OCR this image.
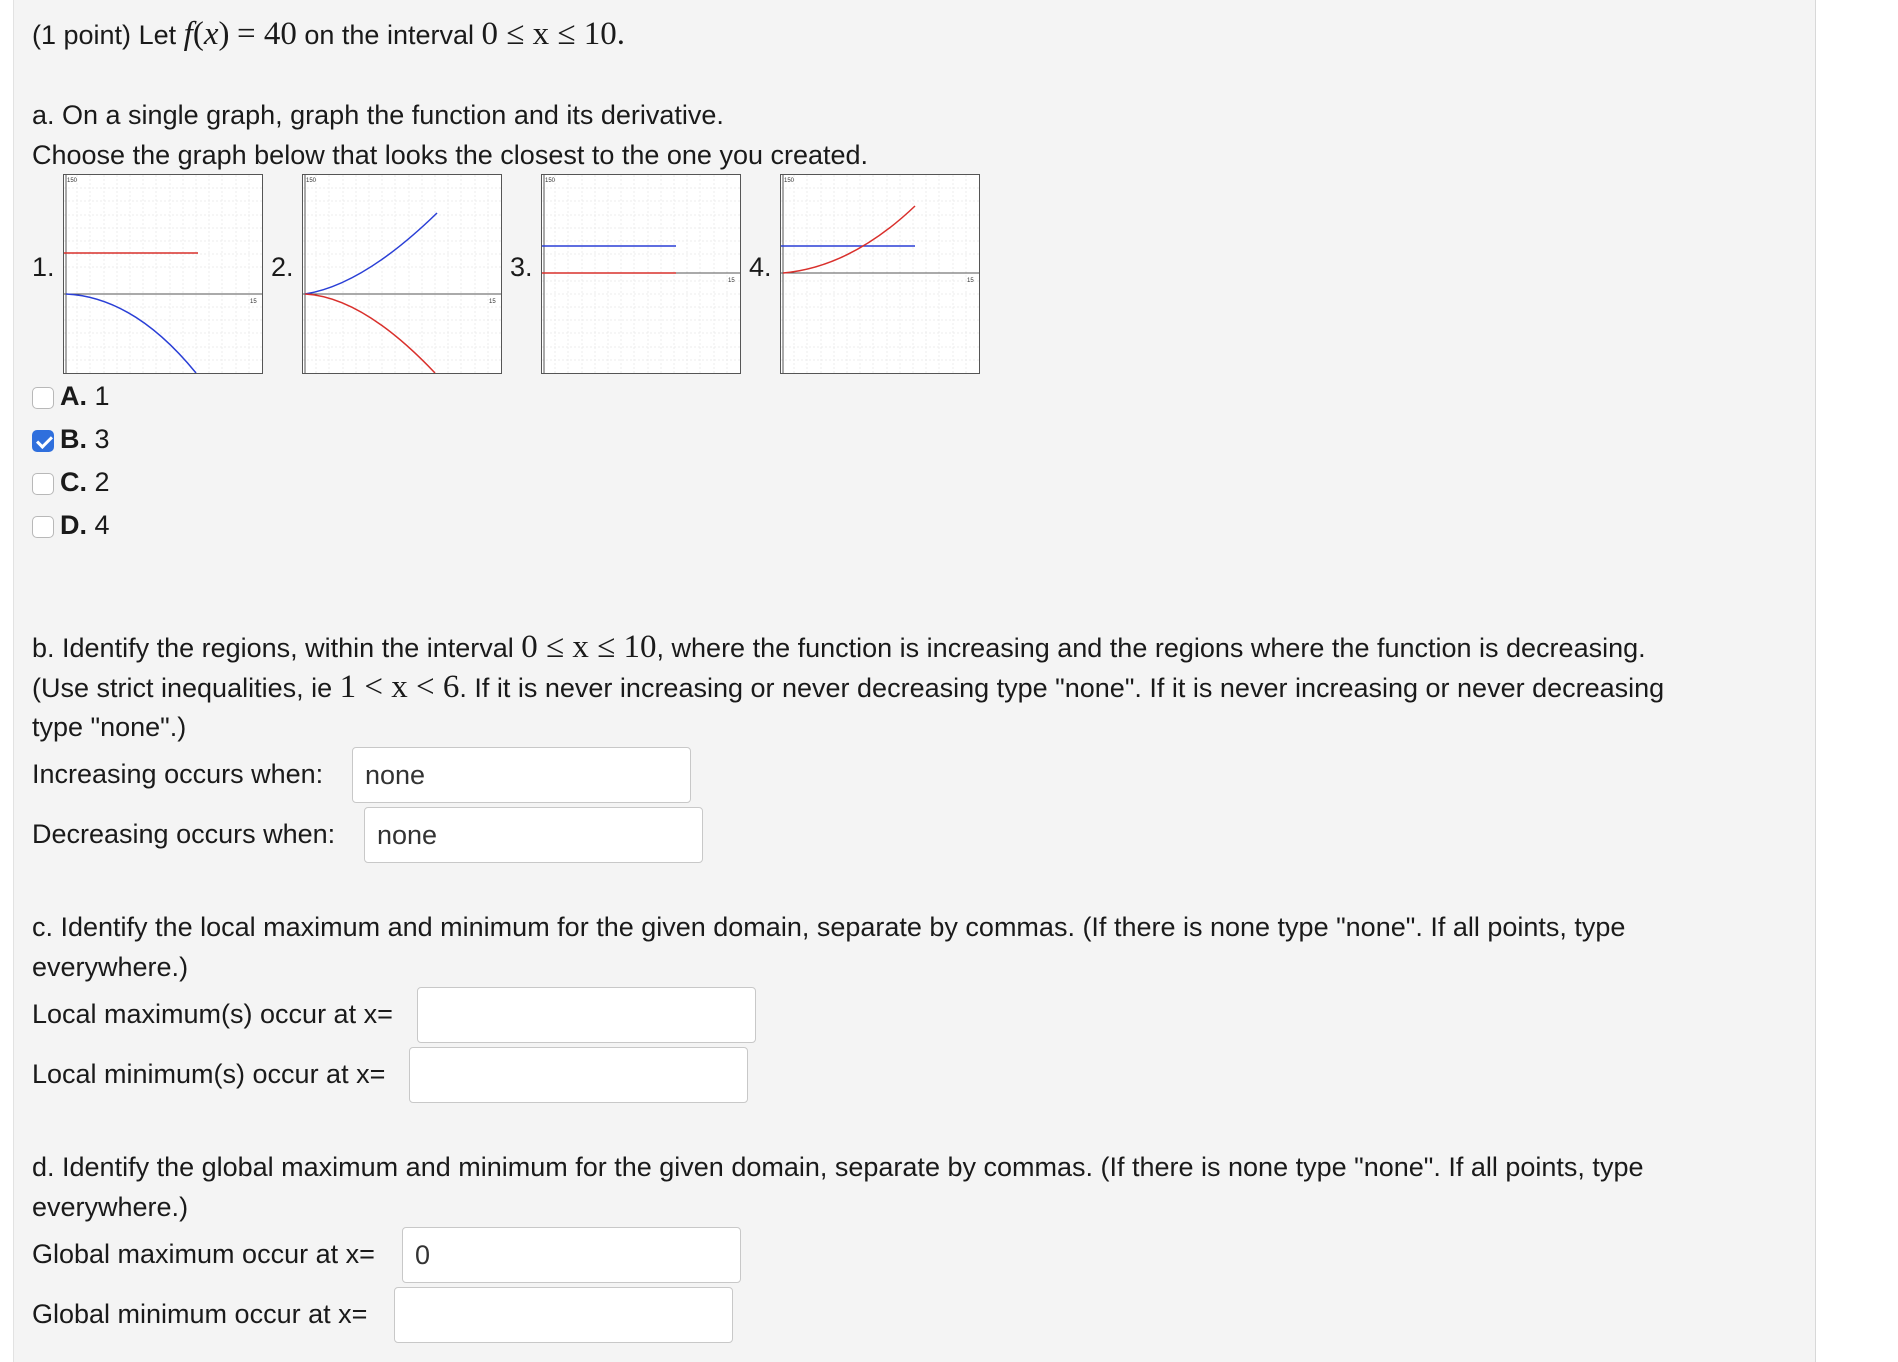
(1 point) Let f(x) = 40 on the interval 0 ≤ x ≤ 10.
a. On a single graph, graph the function and its derivative.
Choose the graph below that looks the closest to the one you created.
1.	2.	3.	4.
150
15
150
15
150
15
150
15
A. 1
B. 3
C. 2
D. 4
b. Identify the regions, within the interval 0 ≤ x ≤ 10, where the function is increasing and the regions where the function is decreasing.
(Use strict inequalities, ie 1 < x < 6. If it is never increasing or never decreasing type "none". If it is never increasing or never decreasing
type "none".)
Increasing occurs when:
none
Decreasing occurs when:
none
c. Identify the local maximum and minimum for the given domain, separate by commas. (If there is none type "none". If all points, type
everywhere.)
Local maximum(s) occur at x=
Local minimum(s) occur at x=
d. Identify the global maximum and minimum for the given domain, separate by commas. (If there is none type "none". If all points, type
everywhere.)
Global maximum occur at x=
0
Global minimum occur at x=
